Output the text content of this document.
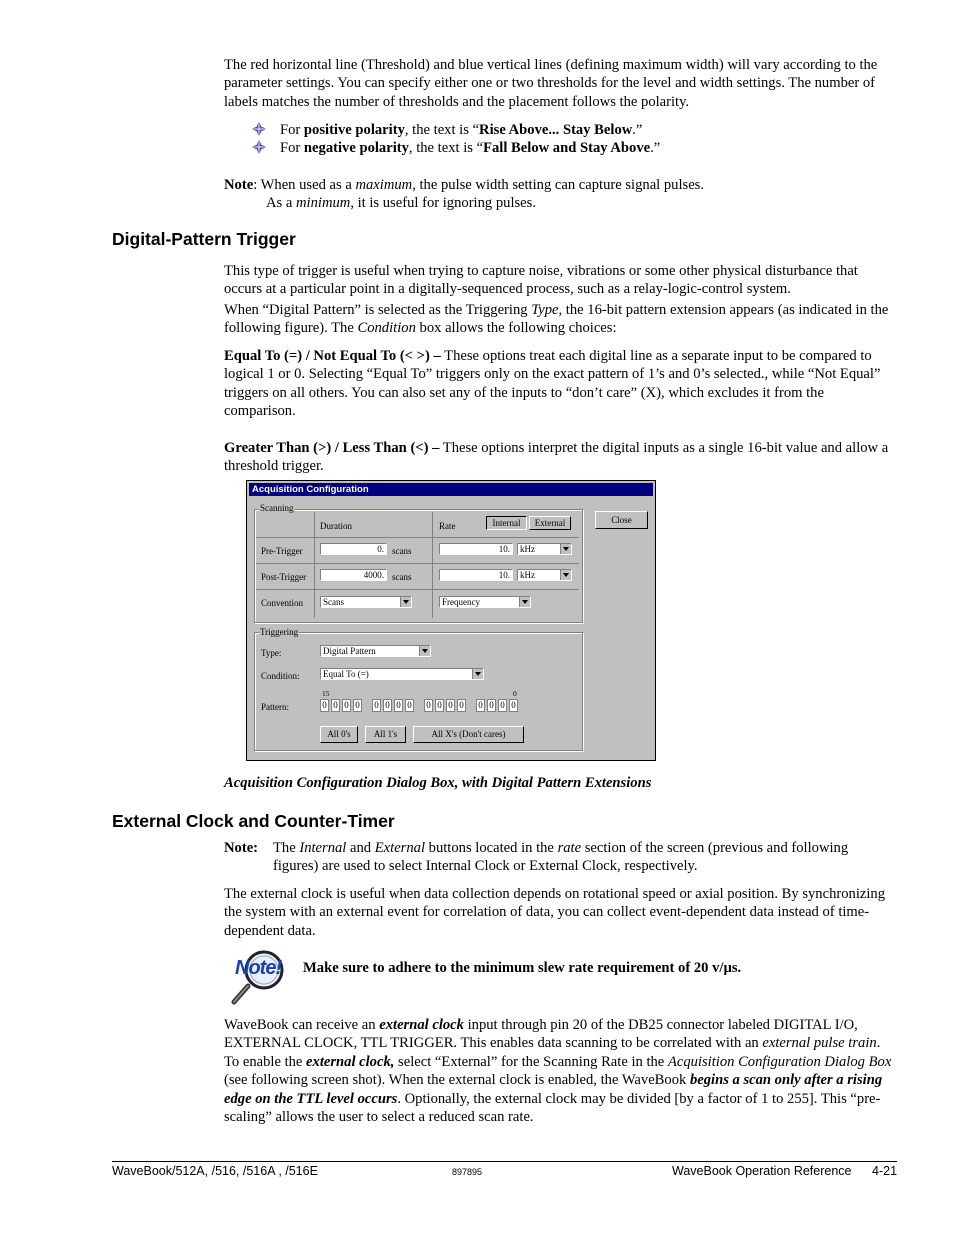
The red horizontal line (Threshold) and blue vertical lines (defining maximum width) will vary according to the parameter settings. You can specify either one or two thresholds for the level and width settings. The number of labels matches the number of thresholds and the placement follows the polarity.

For positive polarity, the text is “Rise Above... Stay Below.”
For negative polarity, the text is “Fall Below and Stay Above.”
Note: When used as a maximum, the pulse width setting can capture signal pulses.
As a minimum, it is useful for ignoring pulses.
Digital-Pattern Trigger

This type of trigger is useful when trying to capture noise, vibrations or some other physical disturbance that occurs at a particular point in a digitally-sequenced process, such as a relay-logic-control system.

When “Digital Pattern” is selected as the Triggering Type, the 16-bit pattern extension appears (as indicated in the following figure). The Condition box allows the following choices:
Equal To (=) / Not Equal To (< >) – These options treat each digital line as a separate input to be compared to logical 1 or 0. Selecting “Equal To” triggers only on the exact pattern of 1’s and 0’s selected., while “Not Equal” triggers on all others. You can also set any of the inputs to “don’t care” (X), which excludes it from the comparison.
Greater Than (>) / Less Than (<) – These options interpret the digital inputs as a single 16-bit value and allow a threshold trigger.
Acquisition Configuration
Close
Scanning
Duration	Rate	Internal	External
Pre-Trigger	0. scans	10.	kHz
Post-Trigger	4000. scans	10.	kHz
Convention	Scans	Frequency
Triggering
Type:	Digital Pattern
Condition:	Equal To (=)
15	0
Pattern:	0 0 0 0 0 0 0 0 0 0 0 0 0 0 0 0
All 0's	All 1's	All X's (Don't cares)
Acquisition Configuration Dialog Box, with Digital Pattern Extensions
External Clock and Counter-Timer
Note:	The Internal and External buttons located in the rate section of the screen (previous and following figures) are used to select Internal Clock or External Clock, respectively.

The external clock is useful when data collection depends on rotational speed or axial position. By synchronizing the system with an external event for correlation of data, you can collect event-dependent data instead of time-dependent data.

Note! Make sure to adhere to the minimum slew rate requirement of 20 v/µs.
WaveBook can receive an external clock input through pin 20 of the DB25 connector labeled DIGITAL I/O, EXTERNAL CLOCK, TTL TRIGGER. This enables data scanning to be correlated with an external pulse train. To enable the external clock, select “External” for the Scanning Rate in the Acquisition Configuration Dialog Box (see following screen shot). When the external clock is enabled, the WaveBook begins a scan only after a rising edge on the TTL level occurs. Optionally, the external clock may be divided [by a factor of 1 to 255]. This “pre-scaling” allows the user to select a reduced scan rate.
WaveBook/512A, /516, /516A , /516E	897895	WaveBook Operation Reference 4-21
